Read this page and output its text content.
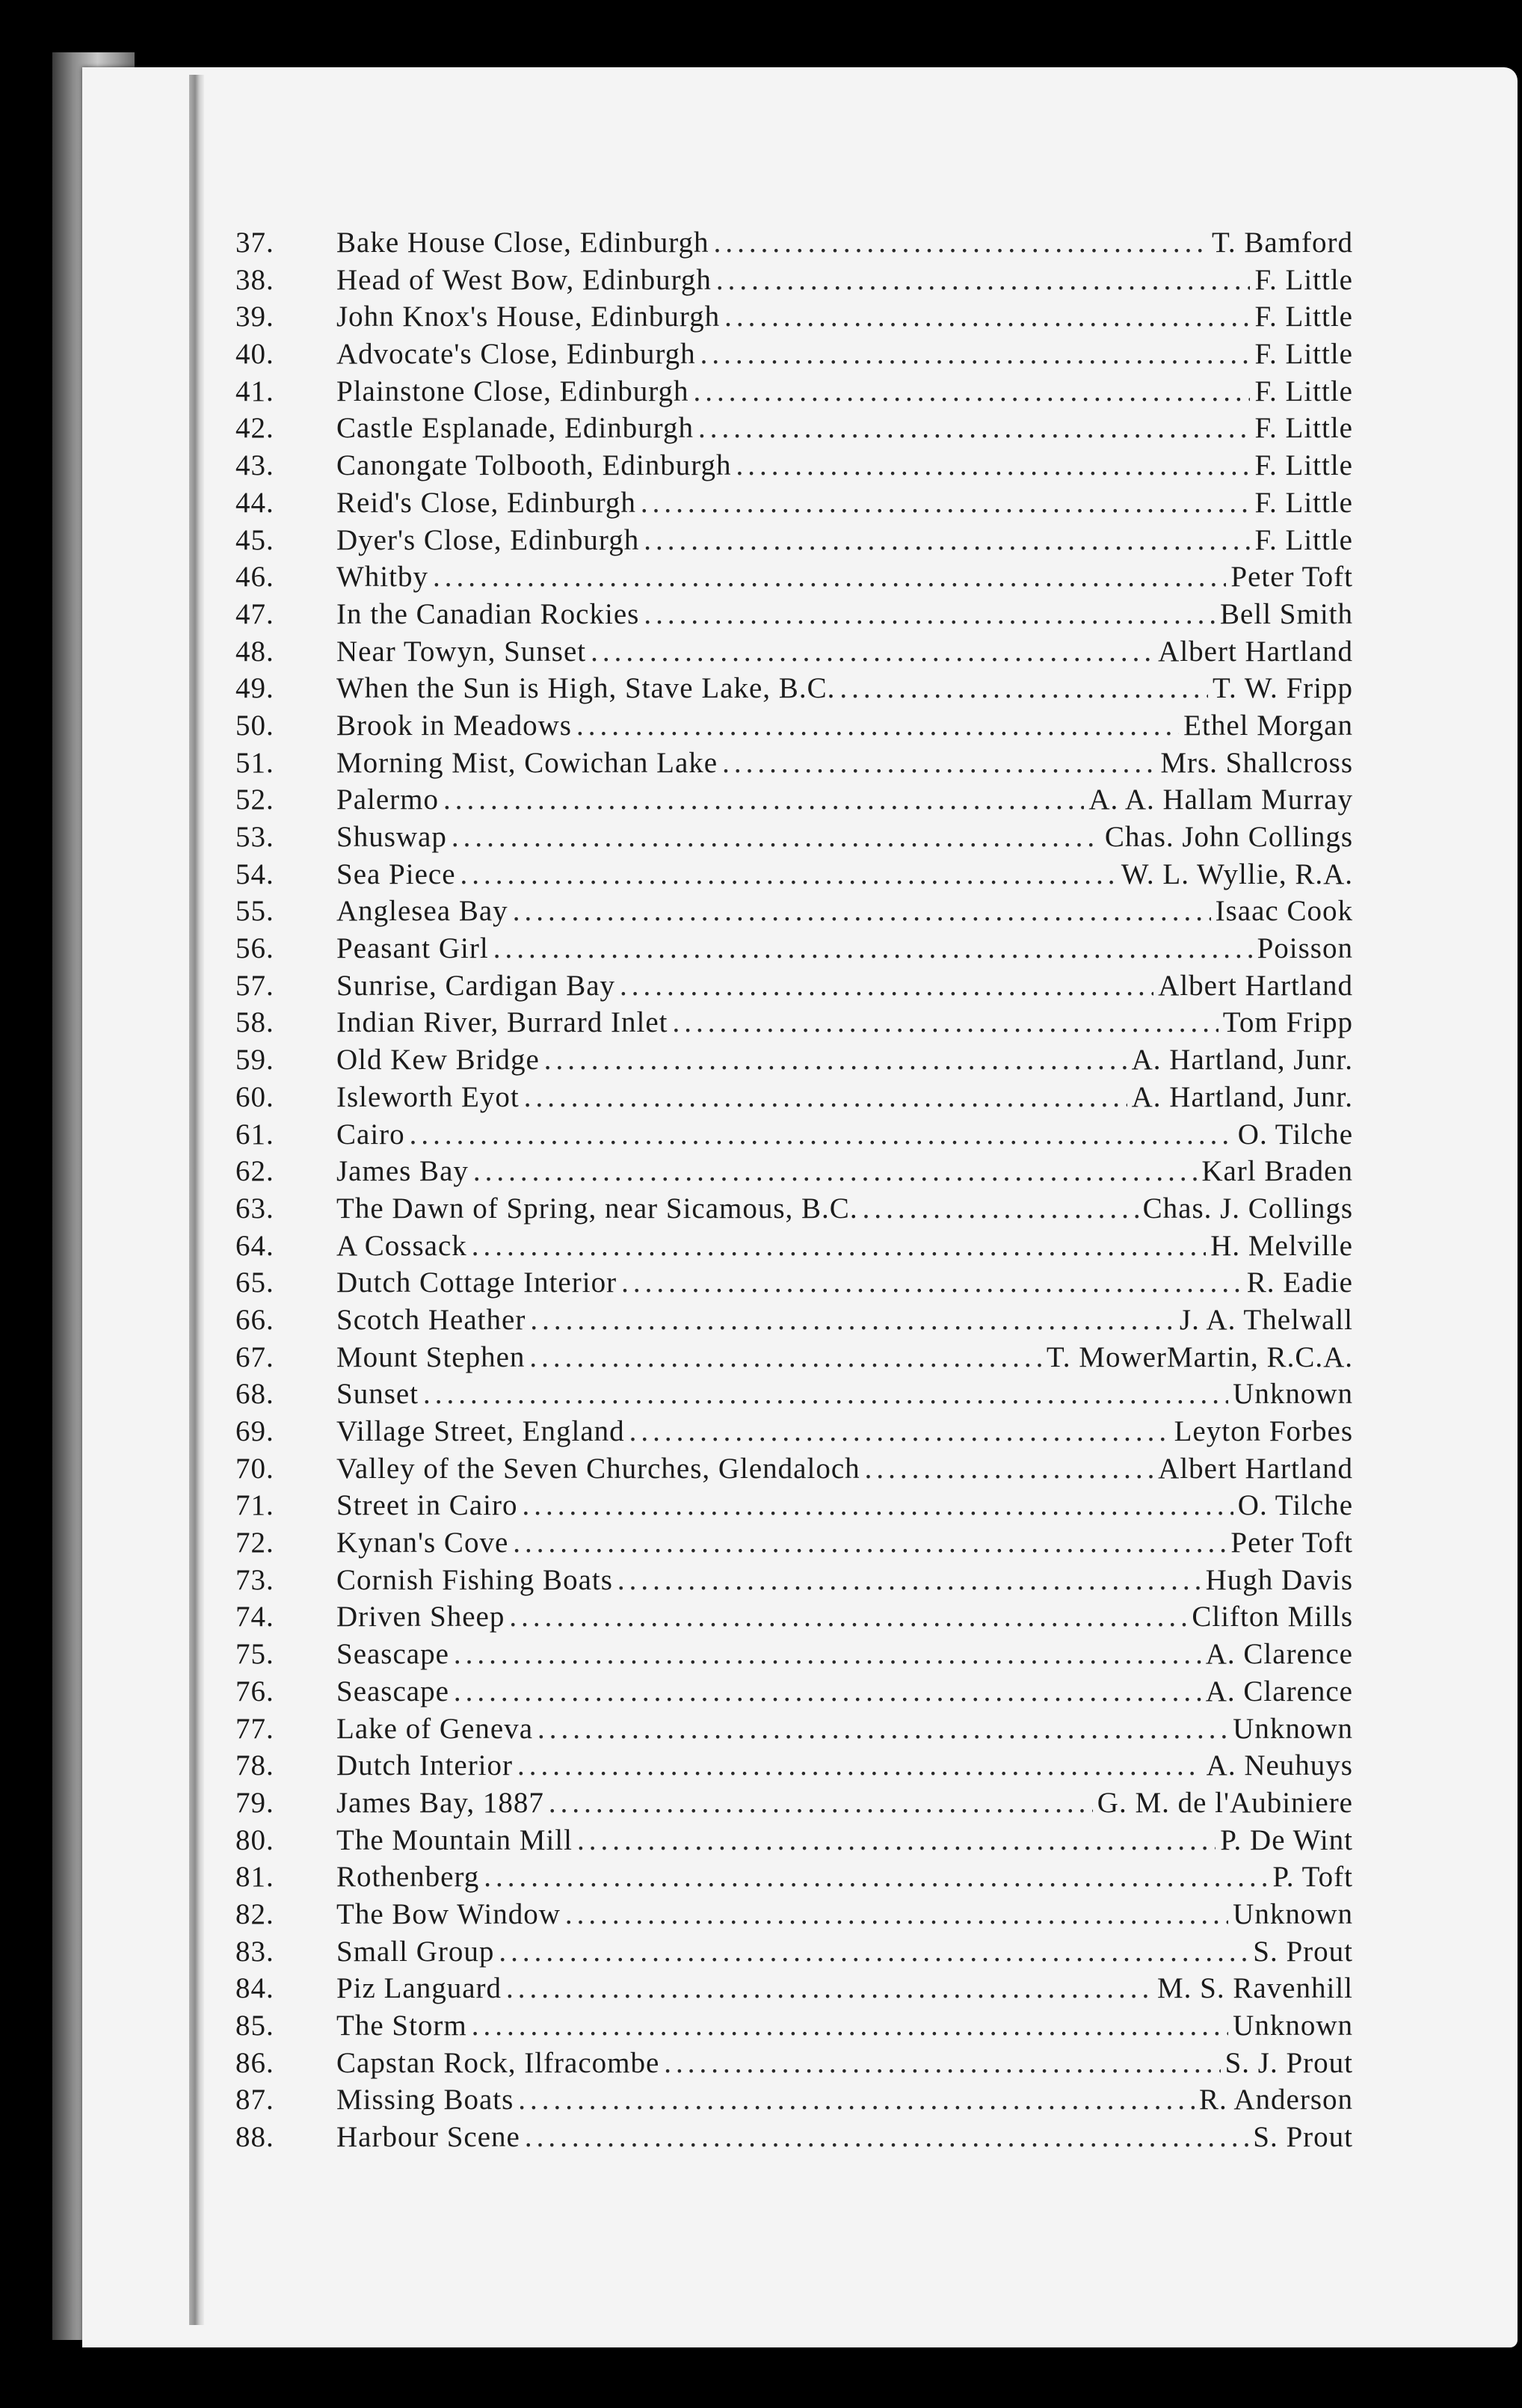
37.	Bake House Close, Edinburgh .....	T. Bamford
38.	Head of West Bow, Edinburgh .....	F. Little
39.	John Knox's House, Edinburgh .....	F. Little
40.	Advocate's Close, Edinburgh .....	F. Little
41.	Plainstone Close, Edinburgh .....	F. Little
42.	Castle Esplanade, Edinburgh .....	F. Little
43.	Canongate Tolbooth, Edinburgh .....	F. Little
44.	Reid's Close, Edinburgh .....	F. Little
45.	Dyer's Close, Edinburgh .....	F. Little
46.	Whitby .....	Peter Toft
47.	In the Canadian Rockies .....	Bell Smith
48.	Near Towyn, Sunset .....	Albert Hartland
49.	When the Sun is High, Stave Lake, B.C. .....	T. W. Fripp
50.	Brook in Meadows .....	Ethel Morgan
51.	Morning Mist, Cowichan Lake .....	Mrs. Shallcross
52.	Palermo .....	A. A. Hallam Murray
53.	Shuswap .....	Chas. John Collings
54.	Sea Piece .....	W. L. Wyllie, R.A.
55.	Anglesea Bay .....	Isaac Cook
56.	Peasant Girl .....	Poisson
57.	Sunrise, Cardigan Bay .....	Albert Hartland
58.	Indian River, Burrard Inlet .....	Tom Fripp
59.	Old Kew Bridge .....	A. Hartland, Junr.
60.	Isleworth Eyot .....	A. Hartland, Junr.
61.	Cairo .....	O. Tilche
62.	James Bay .....	Karl Braden
63.	The Dawn of Spring, near Sicamous, B.C. .....	Chas. J. Collings
64.	A Cossack .....	H. Melville
65.	Dutch Cottage Interior .....	R. Eadie
66.	Scotch Heather .....	J. A. Thelwall
67.	Mount Stephen .....	T. MowerMartin, R.C.A.
68.	Sunset .....	Unknown
69.	Village Street, England .....	Leyton Forbes
70.	Valley of the Seven Churches, Glendaloch .....	Albert Hartland
71.	Street in Cairo .....	O. Tilche
72.	Kynan's Cove .....	Peter Toft
73.	Cornish Fishing Boats .....	Hugh Davis
74.	Driven Sheep .....	Clifton Mills
75.	Seascape .....	A. Clarence
76.	Seascape .....	A. Clarence
77.	Lake of Geneva .....	Unknown
78.	Dutch Interior .....	A. Neuhuys
79.	James Bay, 1887 .....	G. M. de l'Aubiniere
80.	The Mountain Mill .....	P. De Wint
81.	Rothenberg .....	P. Toft
82.	The Bow Window .....	Unknown
83.	Small Group .....	S. Prout
84.	Piz Languard .....	M. S. Ravenhill
85.	The Storm .....	Unknown
86.	Capstan Rock, Ilfracombe .....	S. J. Prout
87.	Missing Boats .....	R. Anderson
88.	Harbour Scene .....	S. Prout
